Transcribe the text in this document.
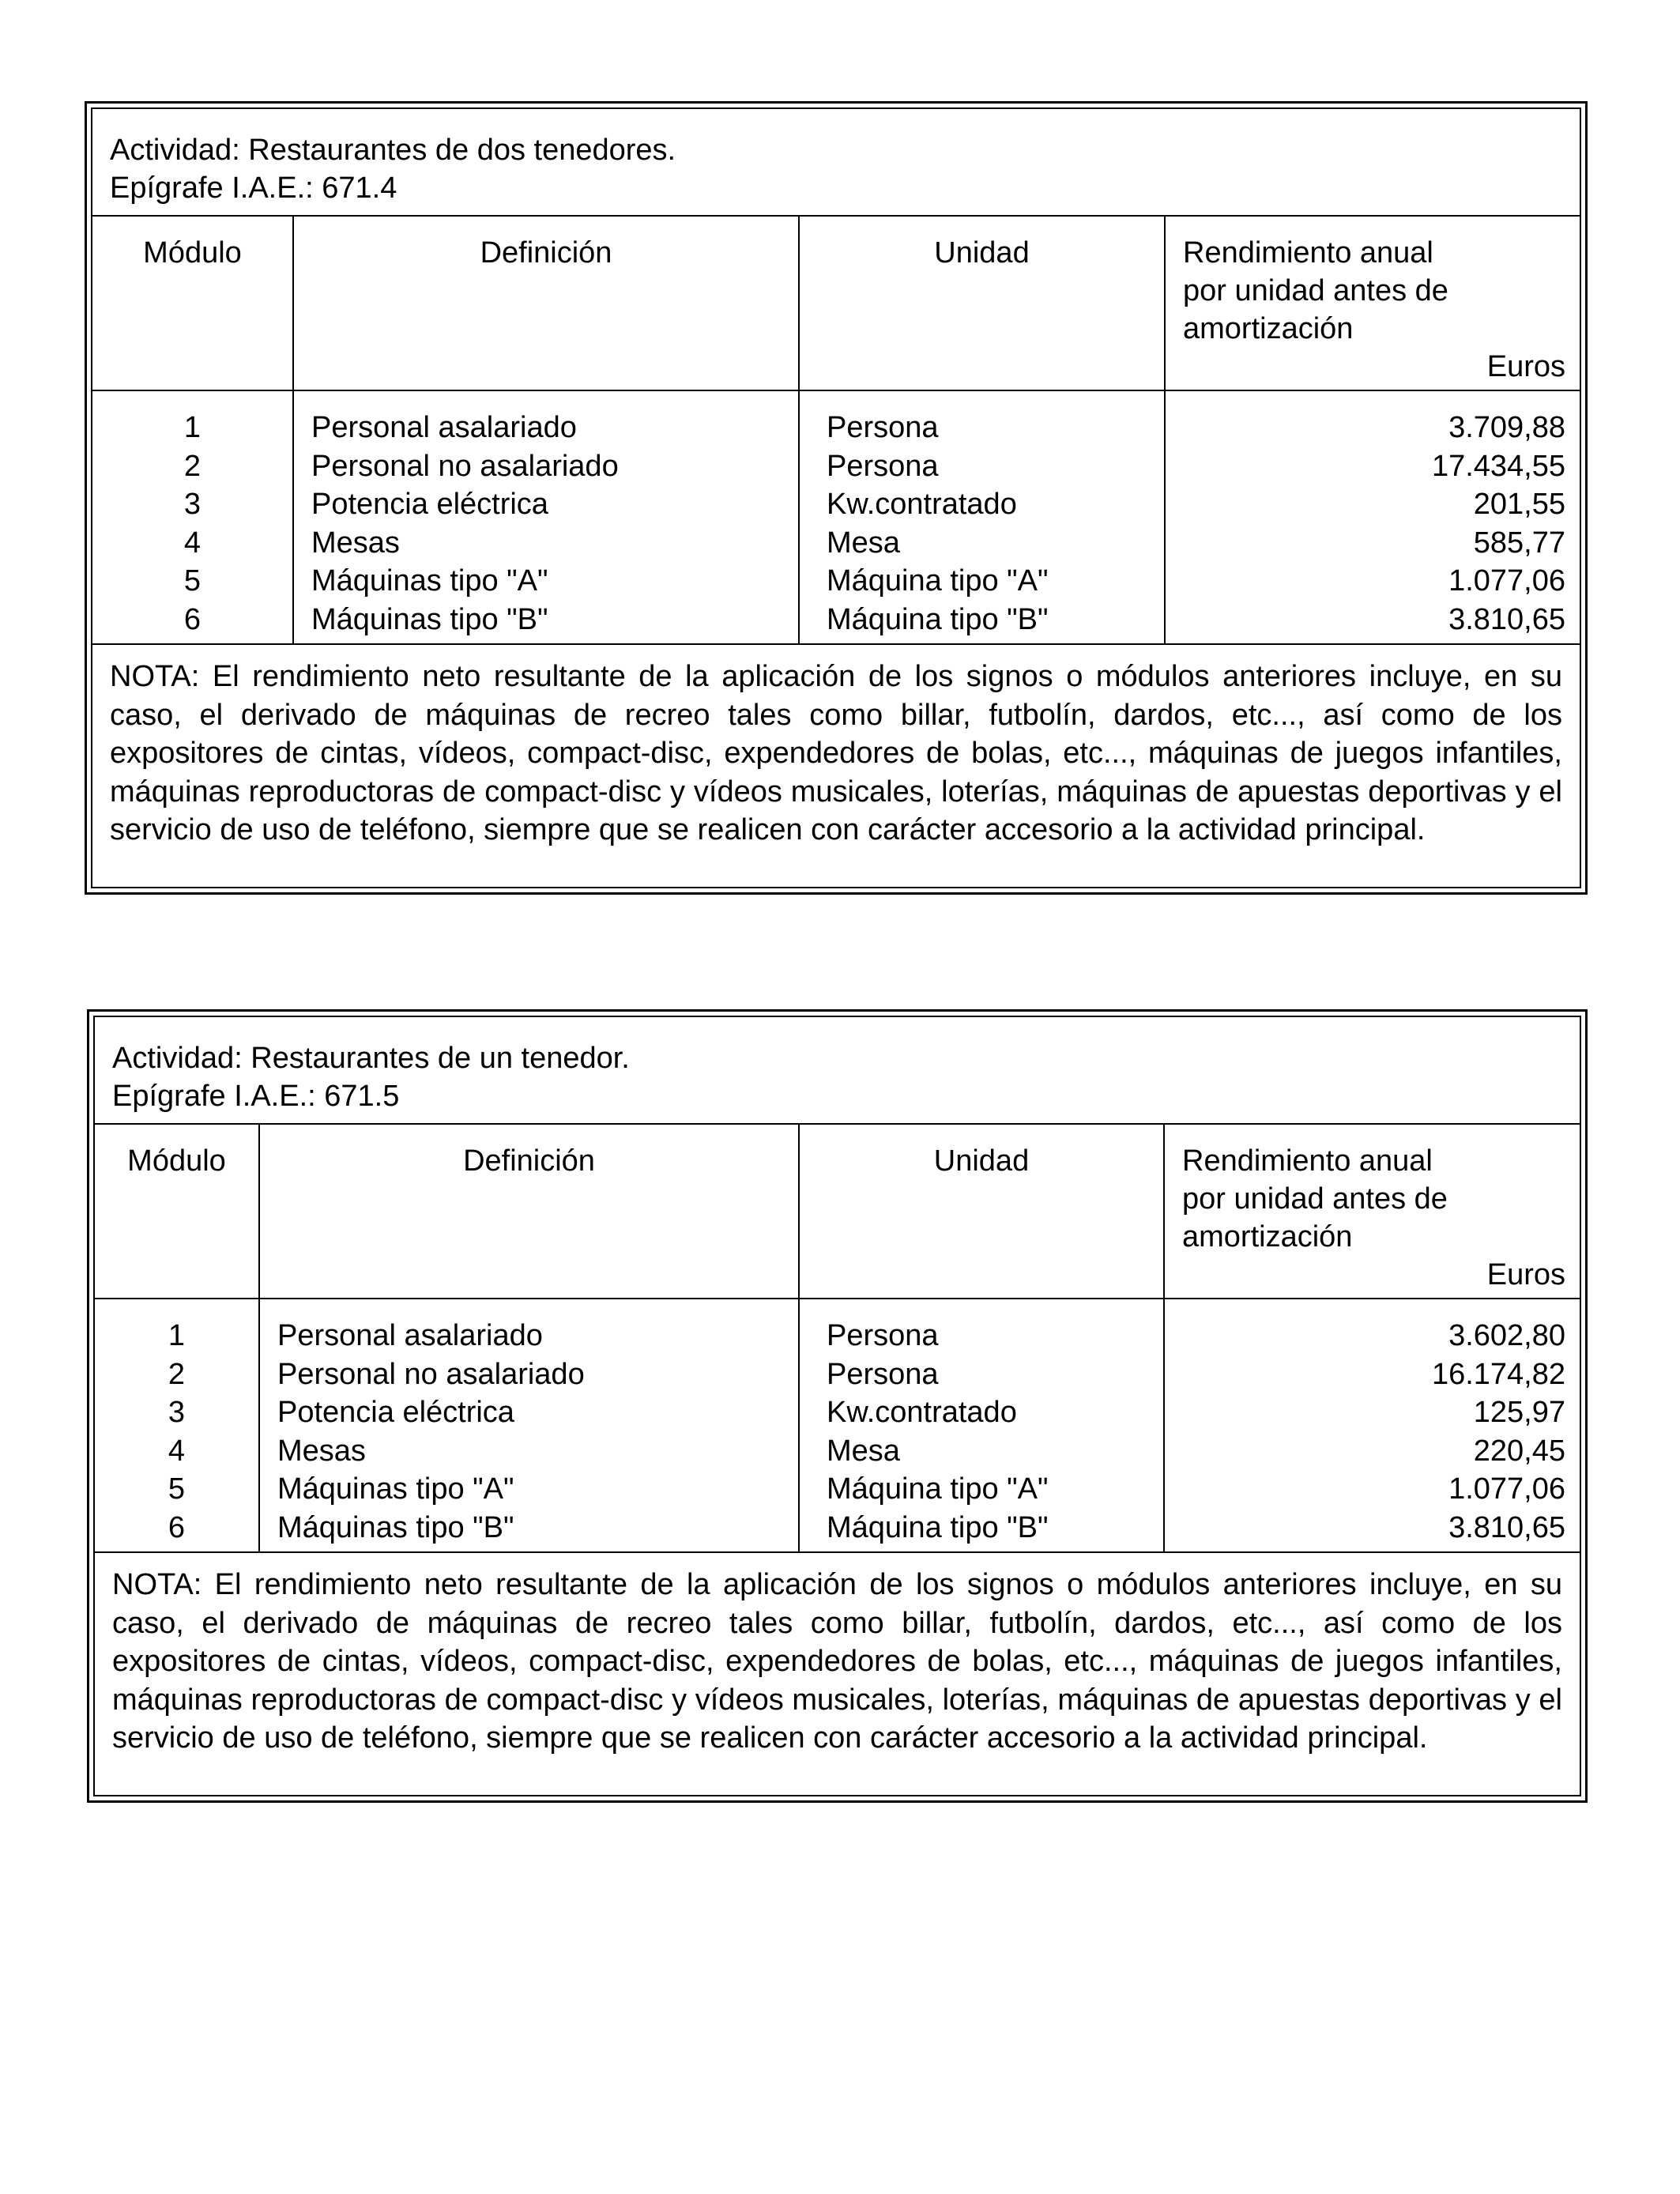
Actividad: Restaurantes de dos tenedores.
Epígrafe I.A.E.: 671.4
Módulo	Definición	Unidad	Rendimiento anual
por unidad antes de
amortización
Euros

1	Personal asalariado	Persona	3.709,88
2	Personal no asalariado	Persona	17.434,55
3	Potencia eléctrica	Kw.contratado	201,55
4	Mesas	Mesa	585,77
5	Máquinas tipo "A"	Máquina tipo "A"	1.077,06
6	Máquinas tipo "B"	Máquina tipo "B"	3.810,65
NOTA: El rendimiento neto resultante de la aplicación de los signos o módulos anteriores incluye, en su caso, el derivado de máquinas de recreo tales como billar, futbolín, dardos, etc..., así como de los expositores de cintas, vídeos, compact-disc, expendedores de bolas, etc..., máquinas de juegos infantiles, máquinas reproductoras de compact-disc y vídeos musicales, loterías, máquinas de apuestas deportivas y el servicio de uso de teléfono, siempre que se realicen con carácter accesorio a la actividad principal.
Actividad: Restaurantes de un tenedor.
Epígrafe I.A.E.: 671.5
Módulo	Definición	Unidad	Rendimiento anual
por unidad antes de
amortización
Euros

1	Personal asalariado	Persona	3.602,80
2	Personal no asalariado	Persona	16.174,82
3	Potencia eléctrica	Kw.contratado	125,97
4	Mesas	Mesa	220,45
5	Máquinas tipo "A"	Máquina tipo "A"	1.077,06
6	Máquinas tipo "B"	Máquina tipo "B"	3.810,65
NOTA: El rendimiento neto resultante de la aplicación de los signos o módulos anteriores incluye, en su caso, el derivado de máquinas de recreo tales como billar, futbolín, dardos, etc..., así como de los expositores de cintas, vídeos, compact-disc, expendedores de bolas, etc..., máquinas de juegos infantiles, máquinas reproductoras de compact-disc y vídeos musicales, loterías, máquinas de apuestas deportivas y el servicio de uso de teléfono, siempre que se realicen con carácter accesorio a la actividad principal.
